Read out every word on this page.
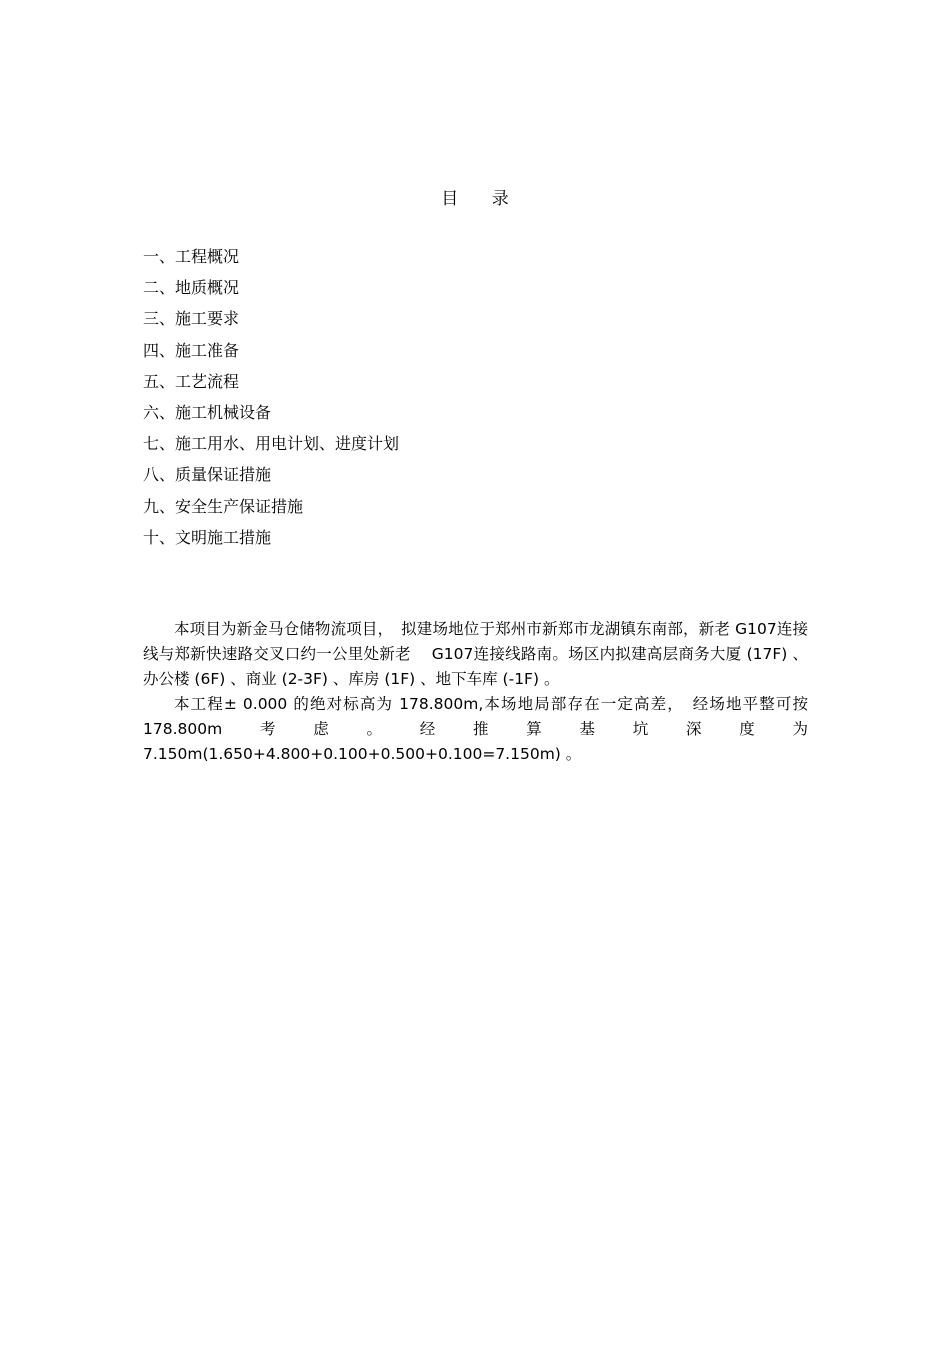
目 录
一、工程概况
二、地质概况
三、施工要求
四、施工准备
五、工艺流程
六、施工机械设备
七、施工用水、用电计划、进度计划
八、质量保证措施
九、安全生产保证措施
十、文明施工措施

本项目为新金马仓储物流项目，　拟建场地位于郑州市新郑市龙湖镇东南部，新老 G107连接线与郑新快速路交叉口约一公里处新老　 G107连接线路南。场区内拟建高层商务大厦 (17F) 、办公楼 (6F) 、商业 (2-3F) 、库房 (1F) 、地下车库 (-1F) 。

本工程± 0.000 的绝对标高为 178.800m,本场地局部存在一定高差，　经场地平整可按 178.800m考虑。经推算基坑深度为 7.150m(1.650+4.800+0.100+0.500+0.100=7.150m) 。
